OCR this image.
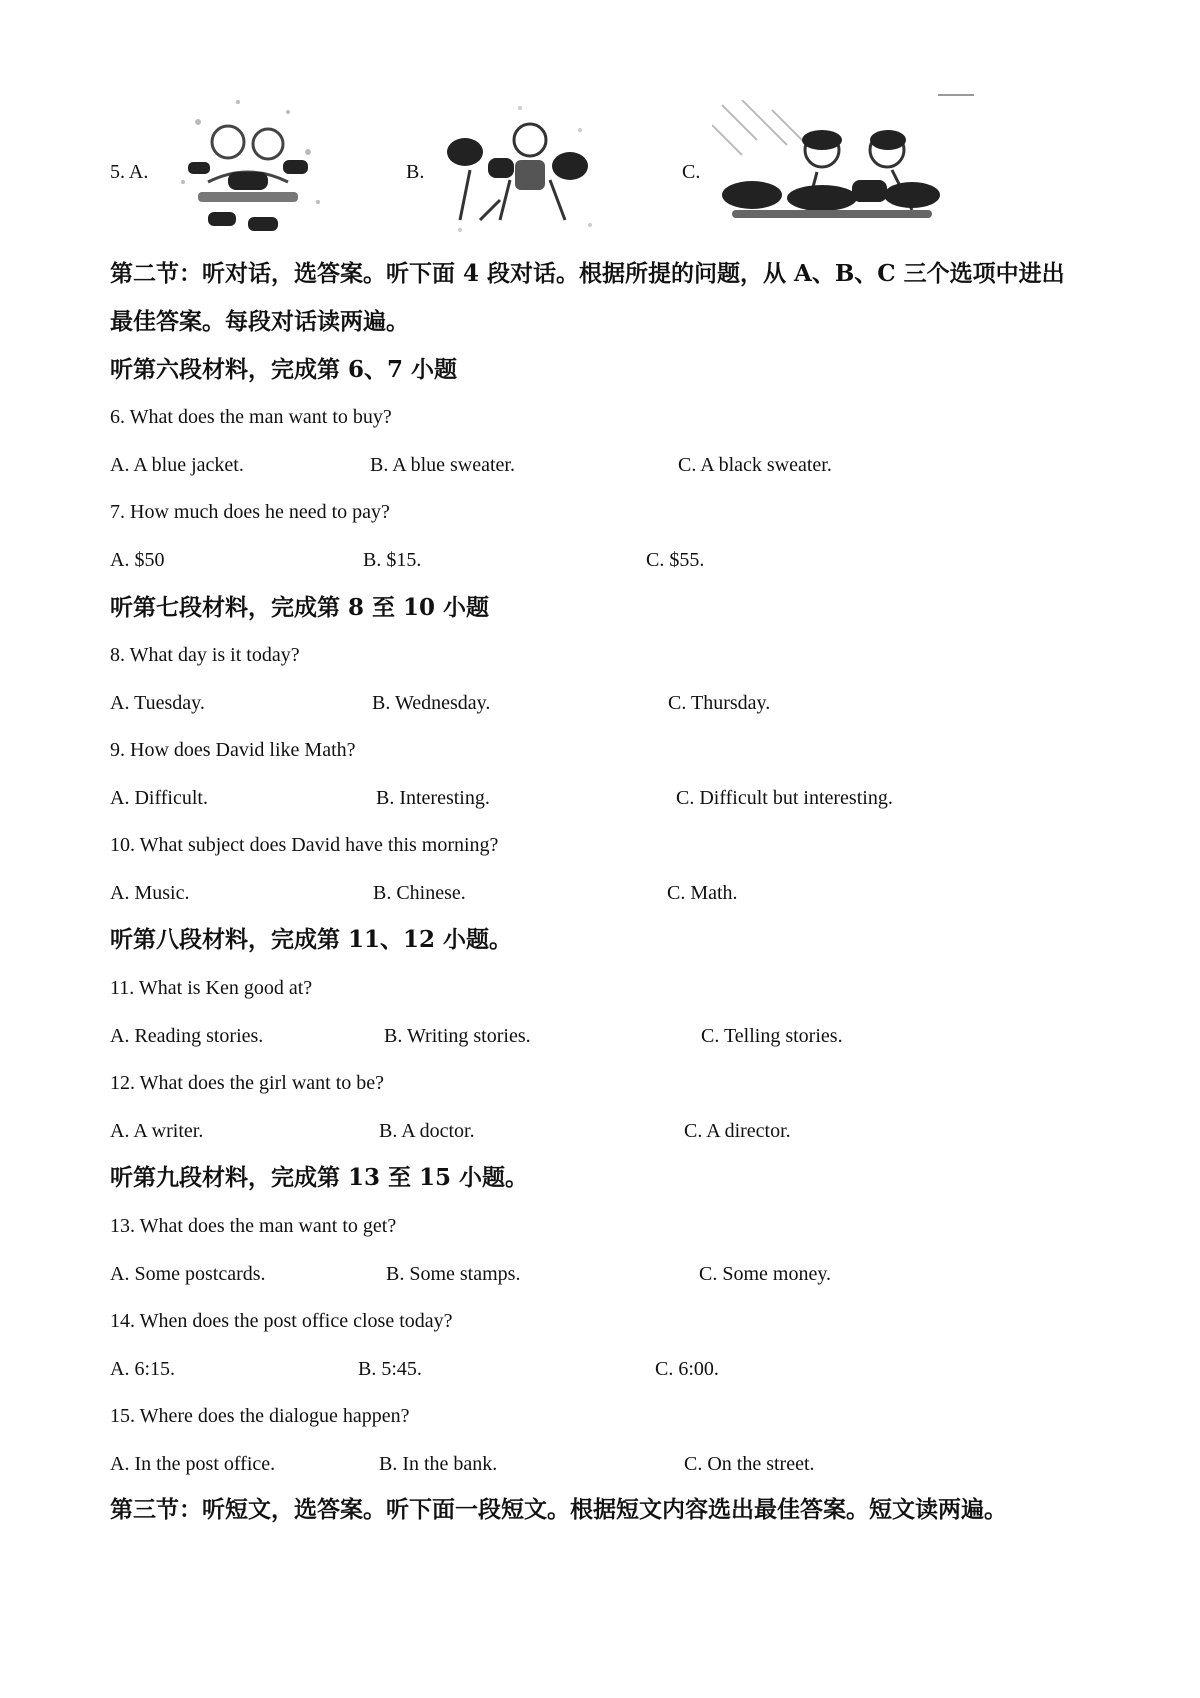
5. A.	B.	C.
第二节：听对话，选答案。听下面 4 段对话。根据所提的问题，从 A、B、C 三个选项中进出
最佳答案。每段对话读两遍。
听第六段材料，完成第 6、7 小题
6. What does the man want to buy?
A. A blue jacket.	B. A blue sweater.	C. A black sweater.
7. How much does he need to pay?
A. $50	B. $15.	C. $55.
听第七段材料，完成第 8 至 10 小题
8. What day is it today?
A. Tuesday.	B. Wednesday.	C. Thursday.
9. How does David like Math?
A. Difficult.	B. Interesting.	C. Difficult but interesting.
10. What subject does David have this morning?
A. Music.	B. Chinese.	C. Math.
听第八段材料，完成第 11、12 小题。
11. What is Ken good at?
A. Reading stories.	B. Writing stories.	C. Telling stories.
12. What does the girl want to be?
A. A writer.	B. A doctor.	C. A director.
听第九段材料，完成第 13 至 15 小题。
13. What does the man want to get?
A. Some postcards.	B. Some stamps.	C. Some money.
14. When does the post office close today?
A. 6:15.	B. 5:45.	C. 6:00.
15. Where does the dialogue happen?
A. In the post office.	B. In the bank.	C. On the street.
第三节：听短文，选答案。听下面一段短文。根据短文内容选出最佳答案。短文读两遍。
